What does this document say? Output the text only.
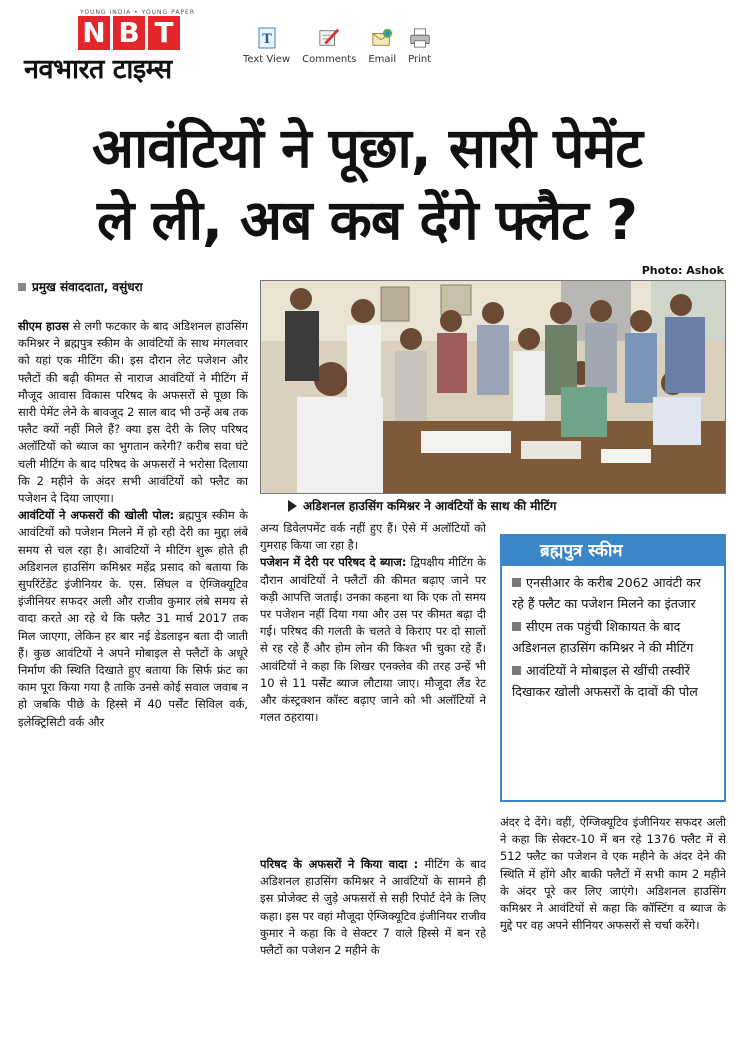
YOUNG INDIA • YOUNG PAPER
N B T
नवभारत टाइम्स
T
Text View Comments Email Print
आवंटियों ने पूछा, सारी पेमेंट
ले ली, अब कब देंगे फ्लैट ?
Photo: Ashok
प्रमुख संवाददाता, वसुंधरा

सीएम हाउस से लगी फटकार के बाद अडिशनल हाउसिंग कमिश्नर ने ब्रह्मपुत्र स्कीम के आवंटियों के साथ मंगलवार को यहां एक मीटिंग की। इस दौरान लेट पजेशन और फ्लैटों की बढ़ी कीमत से नाराज आवंटियों ने मीटिंग में मौजूद आवास विकास परिषद के अफसरों से पूछा कि सारी पेमेंट लेने के बावजूद 2 साल बाद भी उन्हें अब तक फ्लैट क्यों नहीं मिले हैं? क्या इस देरी के लिए परिषद अलॉटियों को ब्याज का भुगतान करेगी? करीब सवा घंटे चली मीटिंग के बाद परिषद के अफसरों ने भरोसा दिलाया कि 2 महीने के अंदर सभी आवंटियों को फ्लैट का पजेशन दे दिया जाएगा।

आवंटियों ने अफसरों की खोली पोल: ब्रह्मपुत्र स्कीम के आवंटियों को पजेशन मिलने में हो रही देरी का मुद्दा लंबे समय से चल रहा है। आवंटियों ने मीटिंग शुरू होते ही अडिशनल हाउसिंग कमिश्नर महेंद्र प्रसाद को बताया कि सुपरिंटेंडेंट इंजीनियर के. एस. सिंघल व ऐग्जिक्यूटिव इंजीनियर सफदर अली और राजीव कुमार लंबे समय से वादा करते आ रहे थे कि फ्लैट 31 मार्च 2017 तक मिल जाएगा, लेकिन हर बार नई डेडलाइन बता दी जाती हैं। कुछ आवंटियों ने अपने मोबाइल से फ्लैटों के अधूरे निर्माण की स्थिति दिखाते हुए बताया कि सिर्फ फ्रंट का काम पूरा किया गया है ताकि उनसे कोई सवाल जवाब न हो जबकि पीछे के हिस्से में 40 पर्सेंट सिविल वर्क, इलेक्ट्रिसिटी वर्क और

अडिशनल हाउसिंग कमिश्नर ने आवंटियों के साथ की मीटिंग

अन्य डिवेलपमेंट वर्क नहीं हुए हैं। ऐसे में अलॉटियों को गुमराह किया जा रहा है।

पजेशन में देरी पर परिषद दे ब्याज: द्विपक्षीय मीटिंग के दौरान आवंटियों ने फ्लैटों की कीमत बढ़ाए जाने पर कड़ी आपत्ति जताई। उनका कहना था कि एक तो समय पर पजेशन नहीं दिया गया और उस पर कीमत बढ़ा दी गई। परिषद की गलती के चलते वे किराए पर दो सालों से रह रहे हैं और होम लोन की किश्त भी चुका रहे हैं। आवंटियों ने कहा कि शिखर एनक्लेव की तरह उन्हें भी 10 से 11 पर्सेंट ब्याज लौटाया जाए। मौजूदा लैंड रेट और कंस्ट्रक्शन कॉस्ट बढ़ाए जाने को भी अलॉटियों ने गलत ठहराया।

परिषद के अफसरों ने किया वादा : मीटिंग के बाद अडिशनल हाउसिंग कमिश्नर ने आवंटियों के सामने ही इस प्रोजेक्ट से जुड़े अफसरों से सही रिपोर्ट देने के लिए कहा। इस पर वहां मौजूदा ऐग्जिक्यूटिव इंजीनियर राजीव कुमार ने कहा कि वे सेक्टर 7 वाले हिस्से में बन रहे फ्लैटों का पजेशन 2 महीने के

ब्रह्मपुत्र स्कीम
एनसीआर के करीब 2062 आवंटी कर रहे हैं फ्लैट का पजेशन मिलने का इंतजार
सीएम तक पहुंची शिकायत के बाद अडिशनल हाउसिंग कमिश्नर ने की मीटिंग
आवंटियों ने मोबाइल से खींची तस्वीरें दिखाकर खोली अफसरों के दावों की पोल

अंदर दे देंगे। वहीं, ऐग्जिक्यूटिव इंजीनियर सफदर अली ने कहा कि सेक्टर-10 में बन रहे 1376 फ्लैट में से 512 फ्लैट का पजेशन वे एक महीने के अंदर देने की स्थिति में होंगे और बाकी फ्लैटों में सभी काम 2 महीने के अंदर पूरे कर लिए जाएंगे। अडिशनल हाउसिंग कमिश्नर ने आवंटियों से कहा कि कॉस्टिंग व ब्याज के मुद्दे पर वह अपने सीनियर अफसरों से चर्चा करेंगे।
